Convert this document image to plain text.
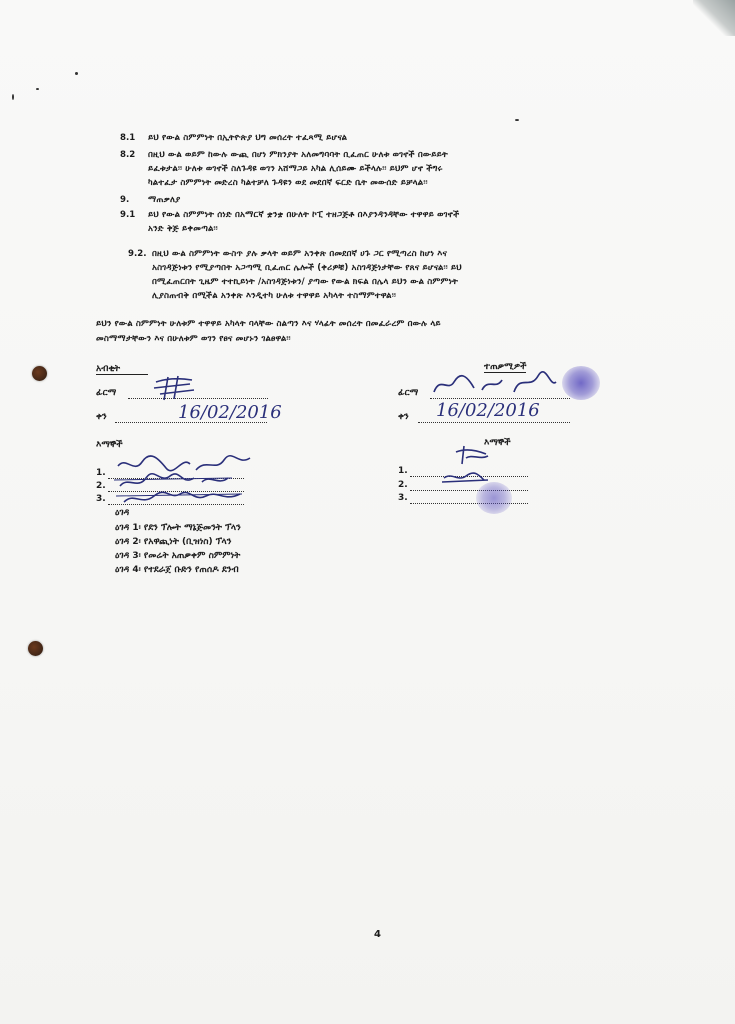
8.1 ይህ የውል ስምምነት በኢትዮጵያ ህግ መሰረት ተፈጻሚ ይሆናል
8.2 በዚህ ውል ወይም ከውሉ ውጪ በሆነ ምክንያት አለመግባባት ቢፈጠር ሁለቱ ወገኖች በውይይት
ይፈቱታል፡፡ ሁለቱ ወገኖች ስለጉዳዩ ወገን አሸማጋይ አካል ሊሰይሙ ይችላሉ፡፡ ይህም ሆኖ ችግሩ
ካልተፈታ ስምምነት መድረስ ካልተቻለ ጉዳዩን ወደ መደበኛ ፍርድ ቤት መውሰድ ይቻላል፡፡
9. ማጠቃለያ
9.1 ይህ የውል ስምምነት ሰነድ በአማርኛ ቋንቋ በሁለት ኮፒ ተዘጋጅቶ በእያንዳንዳቸው ተዋዋይ ወገኖች
አንድ ቅጅ ይቀመጣል፡፡
9.2. በዚህ ውል ስምምነት ውስጥ ያሉ ቃላት ወይም አንቀጽ በመደበኛ ሀጉ ጋር የሚጣረስ ከሆነ እና
አስገዳጅነቱን የሚያጣበት አጋጣሚ ቢፈጠር ሌሎች (ቀሪዎቹ) አስገዳጅነታቸው የጸና ይሆናል፡፡ ይህ
በሚፈጠርበት ጊዜም ተተኪይነት /አስገዳጅነቱን/ ያጣው የውል ክፍል በሌላ ይህን ውል ስምምነት
ሊያስጠብቅ በሚችል አንቀጽ እንዲተካ ሁለቱ ተዋዋይ አካላት ተስማምተዋል፡፡
ይህን የውል ስምምነት ሁለቱም ተዋዋይ አካላት ባላቸው ስልጣን እና ሃላፊት መሰረት በመፈራረም በውሉ ላይ
መስማማታቸውን እና በሁለቱም ወገን የፀና መሆኑን ገልፀዋል፡፡
አብቂት
ፊርማ
ቀን	16/02/2016
እማኞች
1.
2.
3.
ዕገዳ
ዕገዳ 1፡ የደን ፕሎት ማኔጅመንት ፕላን
ዕገዳ 2፡ የአዋጪነት (ቢዝነስ) ፕላን
ዕገዳ 3፡ የመሬት አጠቃቀም ስምምነት
ዕገዳ 4፡ የተደራጀ ቡድን የጠሰዶ ደንብ
ተጠቃሚዎች
ፊርማ
ቀን 16/02/2016
እማኞች
1.
2.
3.
4
